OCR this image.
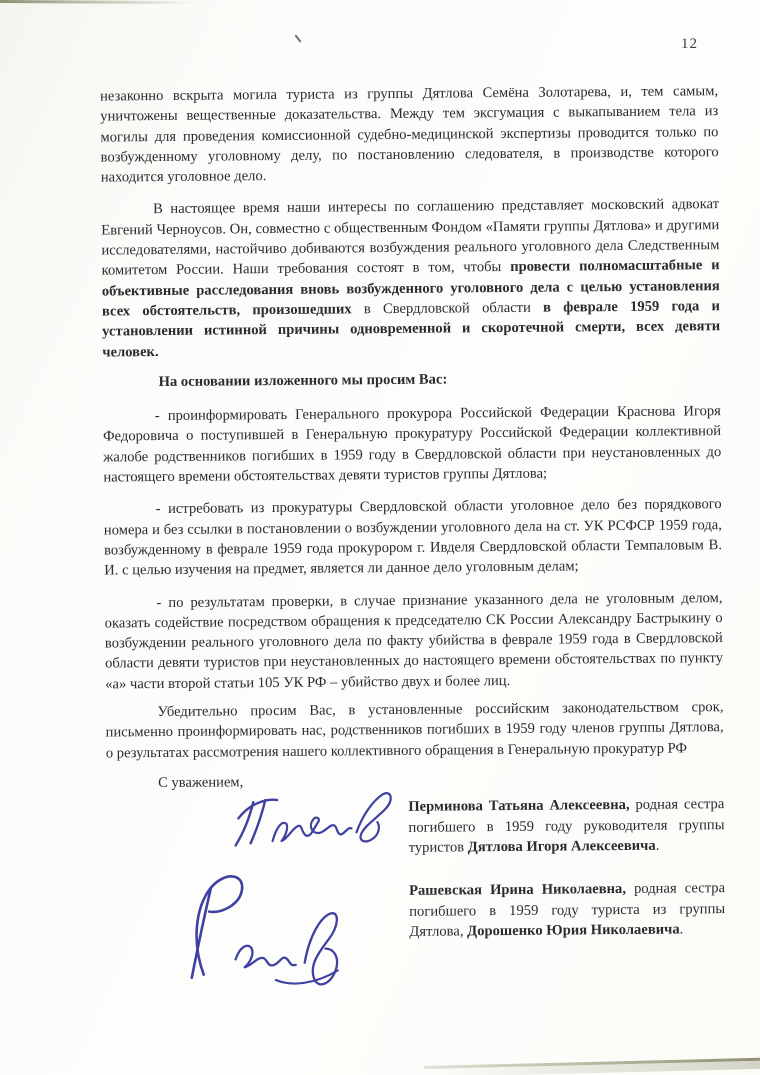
12

незаконно вскрыта могила туриста из группы Дятлова Семёна Золотарева, и, тем самым, уничтожены вещественные доказательства. Между тем эксгумация с выкапыванием тела из могилы для проведения комиссионной судебно-медицинской экспертизы проводится только по возбужденному уголовному делу, по постановлению следователя, в производстве которого находится уголовное дело.

В настоящее время наши интересы по соглашению представляет московский адвокат Евгений Черноусов. Он, совместно с общественным Фондом «Памяти группы Дятлова» и другими исследователями, настойчиво добиваются возбуждения реального уголовного дела Следственным комитетом России. Наши требования состоят в том, чтобы провести полномасштабные и объективные расследования вновь возбужденного уголовного дела с целью установления всех обстоятельств, произошедших в Свердловской области в феврале 1959 года и установлении истинной причины одновременной и скоротечной смерти, всех девяти человек.

На основании изложенного мы просим Вас:

- проинформировать Генерального прокурора Российской Федерации Краснова Игоря Федоровича о поступившей в Генеральную прокуратуру Российской Федерации коллективной жалобе родственников погибших в 1959 году в Свердловской области при неустановленных до настоящего времени обстоятельствах девяти туристов группы Дятлова;

- истребовать из прокуратуры Свердловской области уголовное дело без порядкового номера и без ссылки в постановлении о возбуждении уголовного дела на ст. УК РСФСР 1959 года, возбужденному в феврале 1959 года прокурором г. Ивделя Свердловской области Темпаловым В. И. с целью изучения на предмет, является ли данное дело уголовным делам;

- по результатам проверки, в случае признание указанного дела не уголовным делом, оказать содействие посредством обращения к председателю СК России Александру Бастрыкину о возбуждении реального уголовного дела по факту убийства в феврале 1959 года в Свердловской области девяти туристов при неустановленных до настоящего времени обстоятельствах по пункту «а» части второй статьи 105 УК РФ – убийство двух и более лиц.

Убедительно просим Вас, в установленные российским законодательством срок, письменно проинформировать нас, родственников погибших в 1959 году членов группы Дятлова, о результатах рассмотрения нашего коллективного обращения в Генеральную прокуратур РФ

С уважением,

Перминова Татьяна Алексеевна, родная сестра погибшего в 1959 году руководителя группы туристов Дятлова Игоря Алексеевича.
Рашевская Ирина Николаевна, родная сестра погибшего в 1959 году туриста из группы Дятлова, Дорошенко Юрия Николаевича.
